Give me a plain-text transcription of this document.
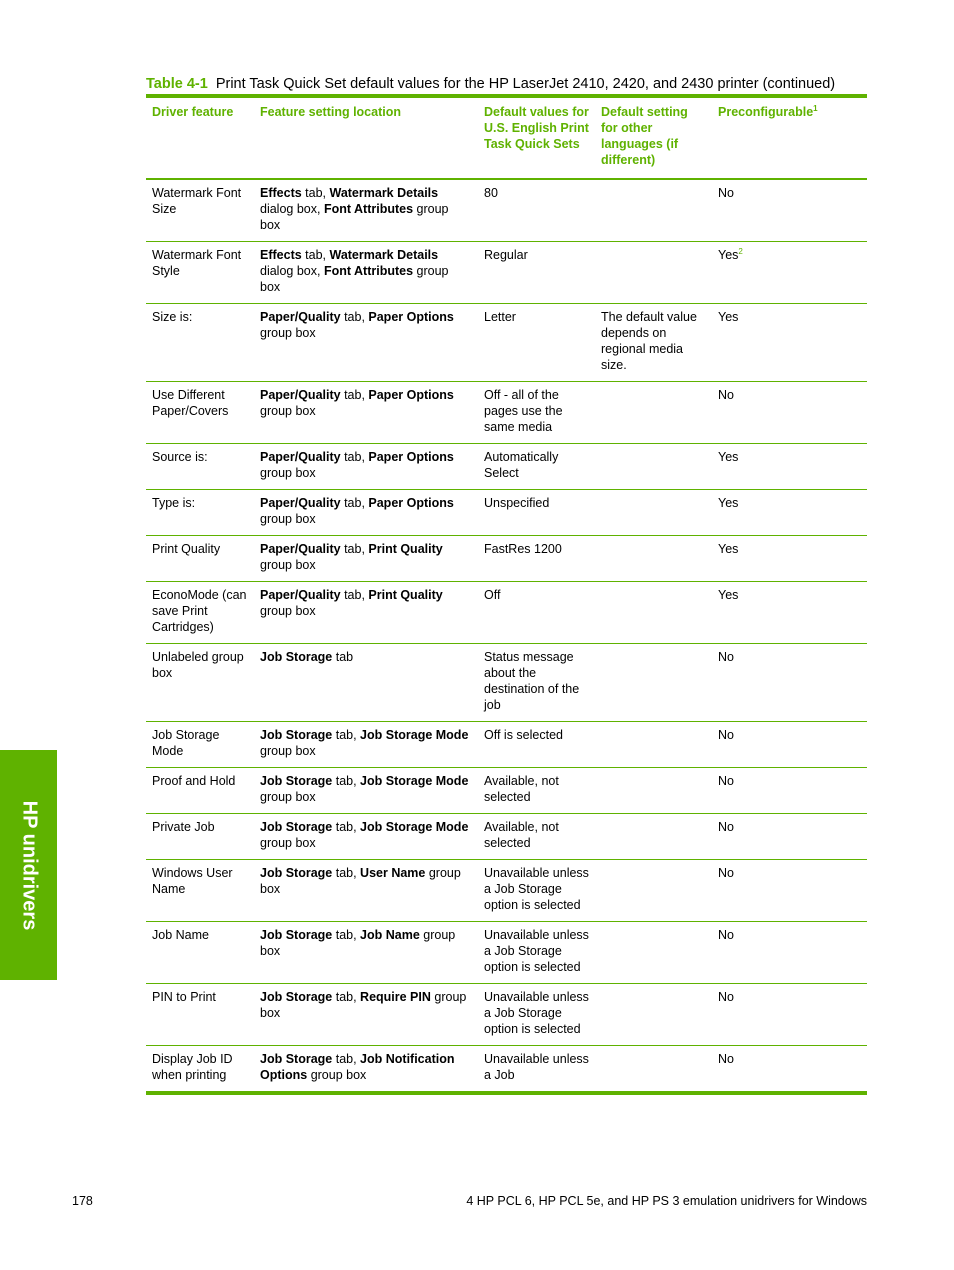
Table 4-1 Print Task Quick Set default values for the HP LaserJet 2410, 2420, and 2430 printer (continued)
Driver feature	Feature setting location	Default values for U.S. English Print Task Quick Sets	Default setting for other languages (if different)	Preconfigurable$^1$
Watermark Font Size	Effects tab, Watermark Details dialog box, Font Attributes group box	80		No
Watermark Font Style	Effects tab, Watermark Details dialog box, Font Attributes group box	Regular		Yes$^2$
Size is:	Paper/Quality tab, Paper Options group box	Letter	The default value depends on regional media size.	Yes
Use Different Paper/Covers	Paper/Quality tab, Paper Options group box	Off - all of the pages use the same media		No
Source is:	Paper/Quality tab, Paper Options group box	Automatically Select		Yes
Type is:	Paper/Quality tab, Paper Options group box	Unspecified		Yes
Print Quality	Paper/Quality tab, Print Quality group box	FastRes 1200		Yes
EconoMode (can save Print Cartridges)	Paper/Quality tab, Print Quality group box	Off		Yes
Unlabeled group box	Job Storage tab	Status message about the destination of the job		No
Job Storage Mode	Job Storage tab, Job Storage Mode group box	Off is selected		No
Proof and Hold	Job Storage tab, Job Storage Mode group box	Available, not selected		No
Private Job	Job Storage tab, Job Storage Mode group box	Available, not selected		No
Windows User Name	Job Storage tab, User Name group box	Unavailable unless a Job Storage option is selected		No
Job Name	Job Storage tab, Job Name group box	Unavailable unless a Job Storage option is selected		No
PIN to Print	Job Storage tab, Require PIN group box	Unavailable unless a Job Storage option is selected		No
Display Job ID when printing	Job Storage tab, Job Notification Options group box	Unavailable unless a Job		No
HP unidrivers
178	4 HP PCL 6, HP PCL 5e, and HP PS 3 emulation unidrivers for Windows
